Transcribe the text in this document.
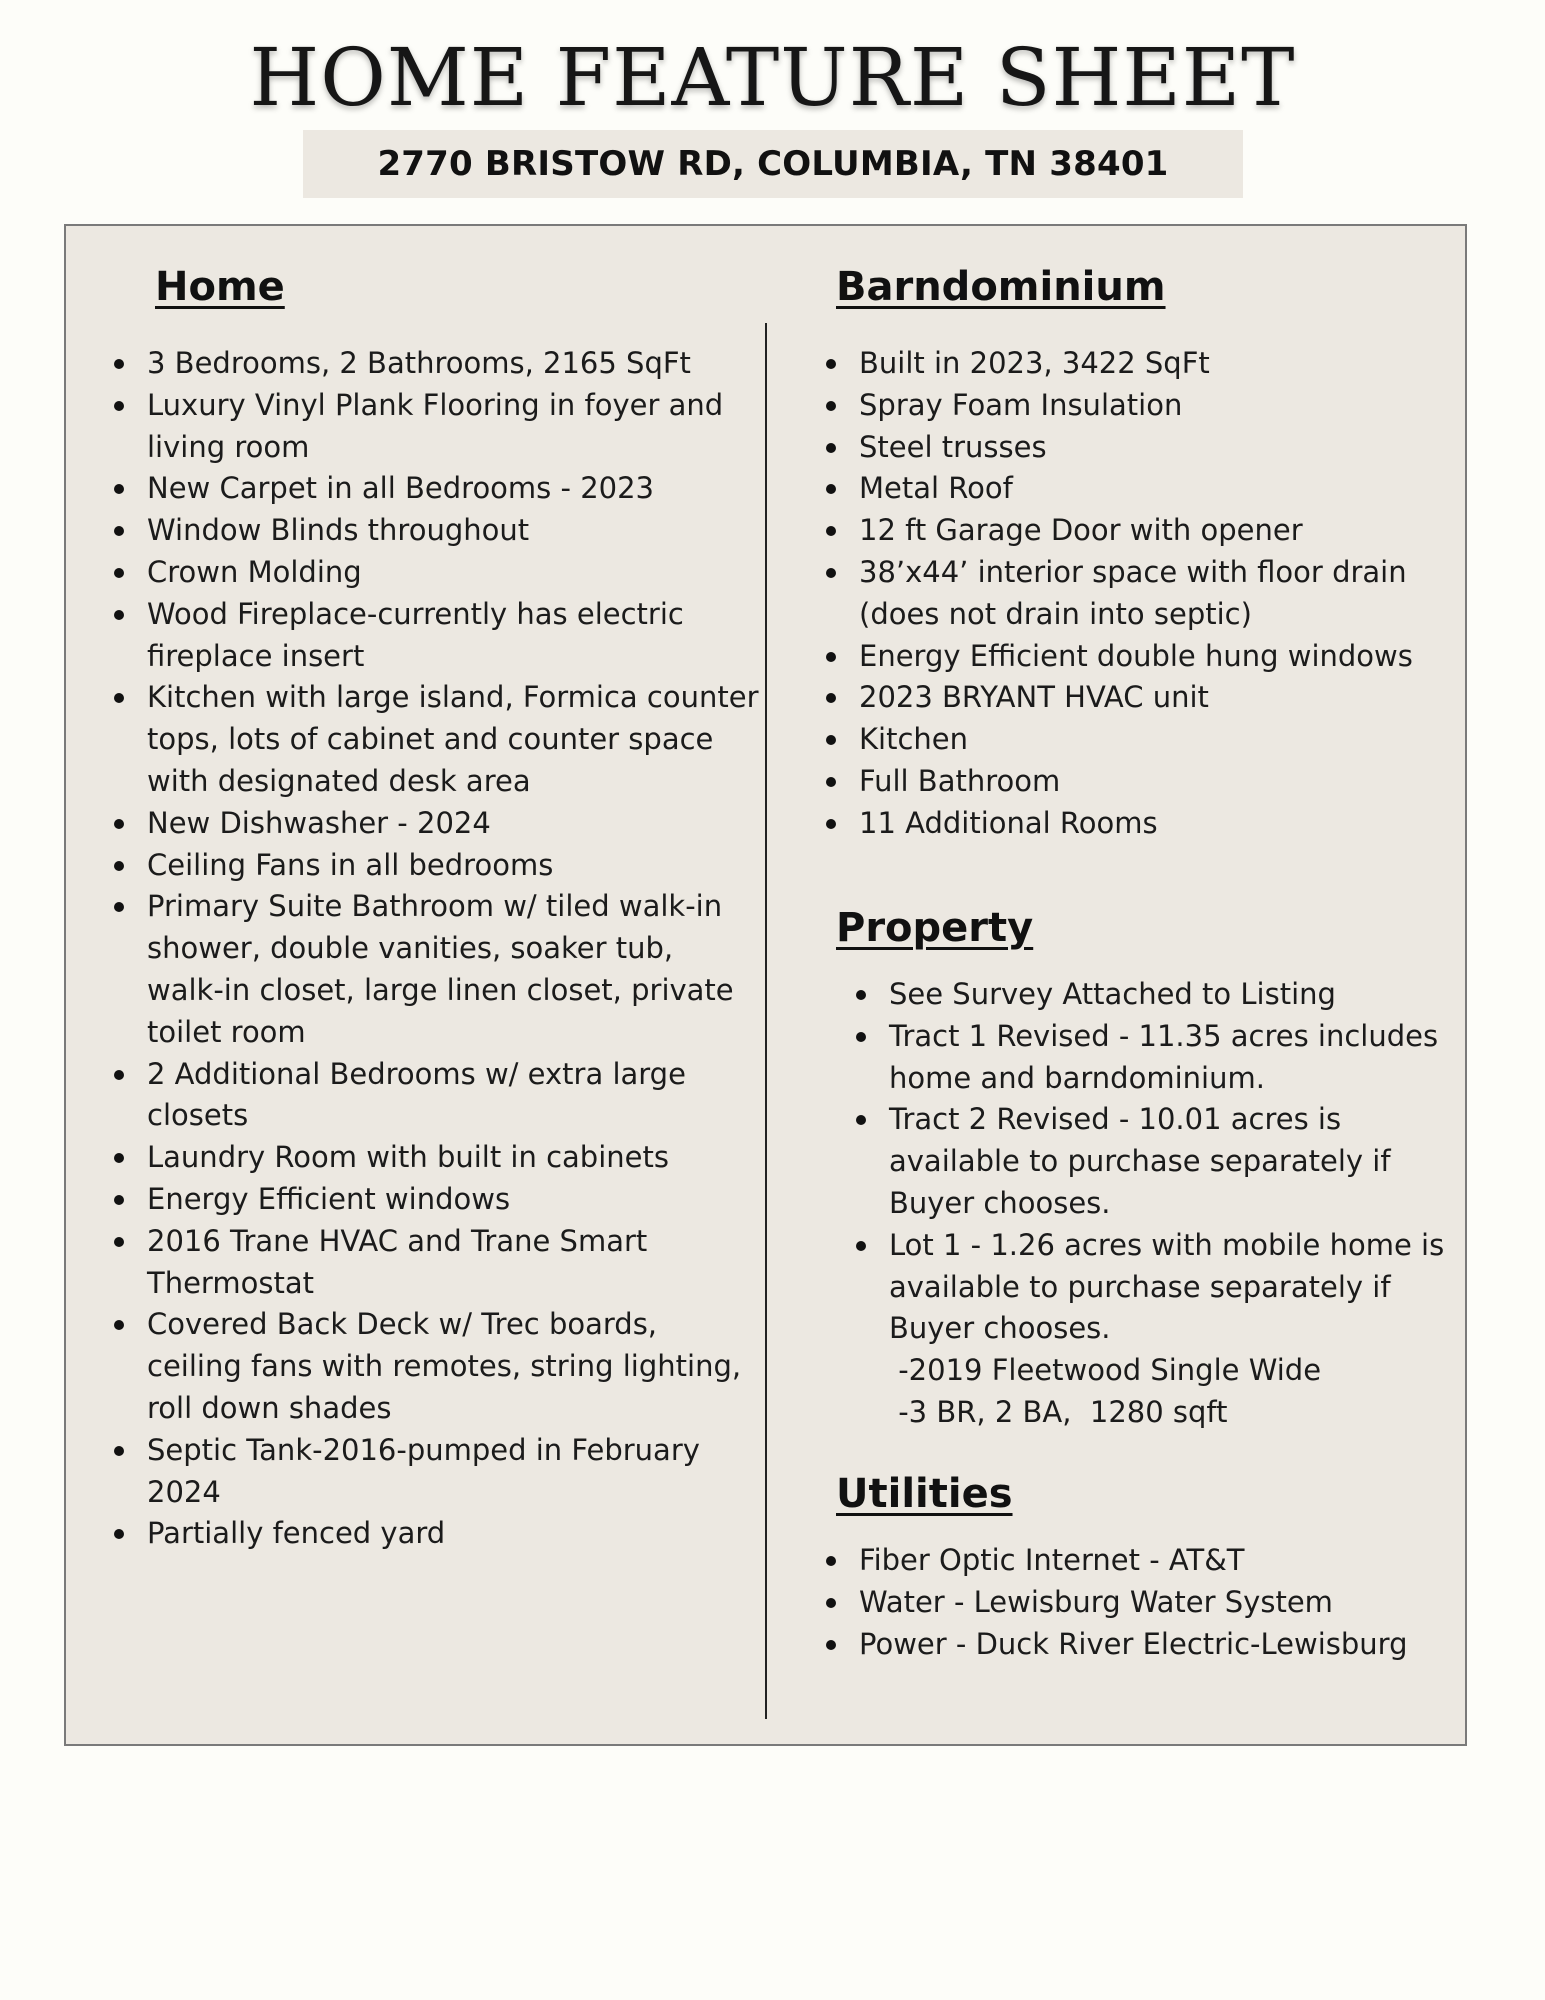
HOME FEATURE SHEET
2770 BRISTOW RD, COLUMBIA, TN 38401
Home
3 Bedrooms, 2 Bathrooms, 2165 SqFt
Luxury Vinyl Plank Flooring in foyer and living room
New Carpet in all Bedrooms - 2023
Window Blinds throughout
Crown Molding
Wood Fireplace-currently has electric fireplace insert
Kitchen with large island, Formica counter tops, lots of cabinet and counter space with designated desk area
New Dishwasher - 2024
Ceiling Fans in all bedrooms
Primary Suite Bathroom w/ tiled walk-in shower, double vanities, soaker tub, walk-in closet, large linen closet, private toilet room
2 Additional Bedrooms w/ extra large closets
Laundry Room with built in cabinets
Energy Efficient windows
2016 Trane HVAC and Trane Smart Thermostat
Covered Back Deck w/ Trec boards, ceiling fans with remotes, string lighting, roll down shades
Septic Tank-2016-pumped in February 2024
Partially fenced yard
Barndominium
Built in 2023, 3422 SqFt
Spray Foam Insulation
Steel trusses
Metal Roof
12 ft Garage Door with opener
38’x44’ interior space with floor drain (does not drain into septic)
Energy Efficient double hung windows
2023 BRYANT HVAC unit
Kitchen
Full Bathroom
11 Additional Rooms
Property
See Survey Attached to Listing
Tract 1 Revised - 11.35 acres includes home and barndominium.
Tract 2 Revised - 10.01 acres is available to purchase separately if Buyer chooses.
Lot 1 - 1.26 acres with mobile home is available to purchase separately if Buyer chooses.
-2019 Fleetwood Single Wide
-3 BR, 2 BA,  1280 sqft
Utilities
Fiber Optic Internet - AT&T
Water - Lewisburg Water System
Power - Duck River Electric-Lewisburg
